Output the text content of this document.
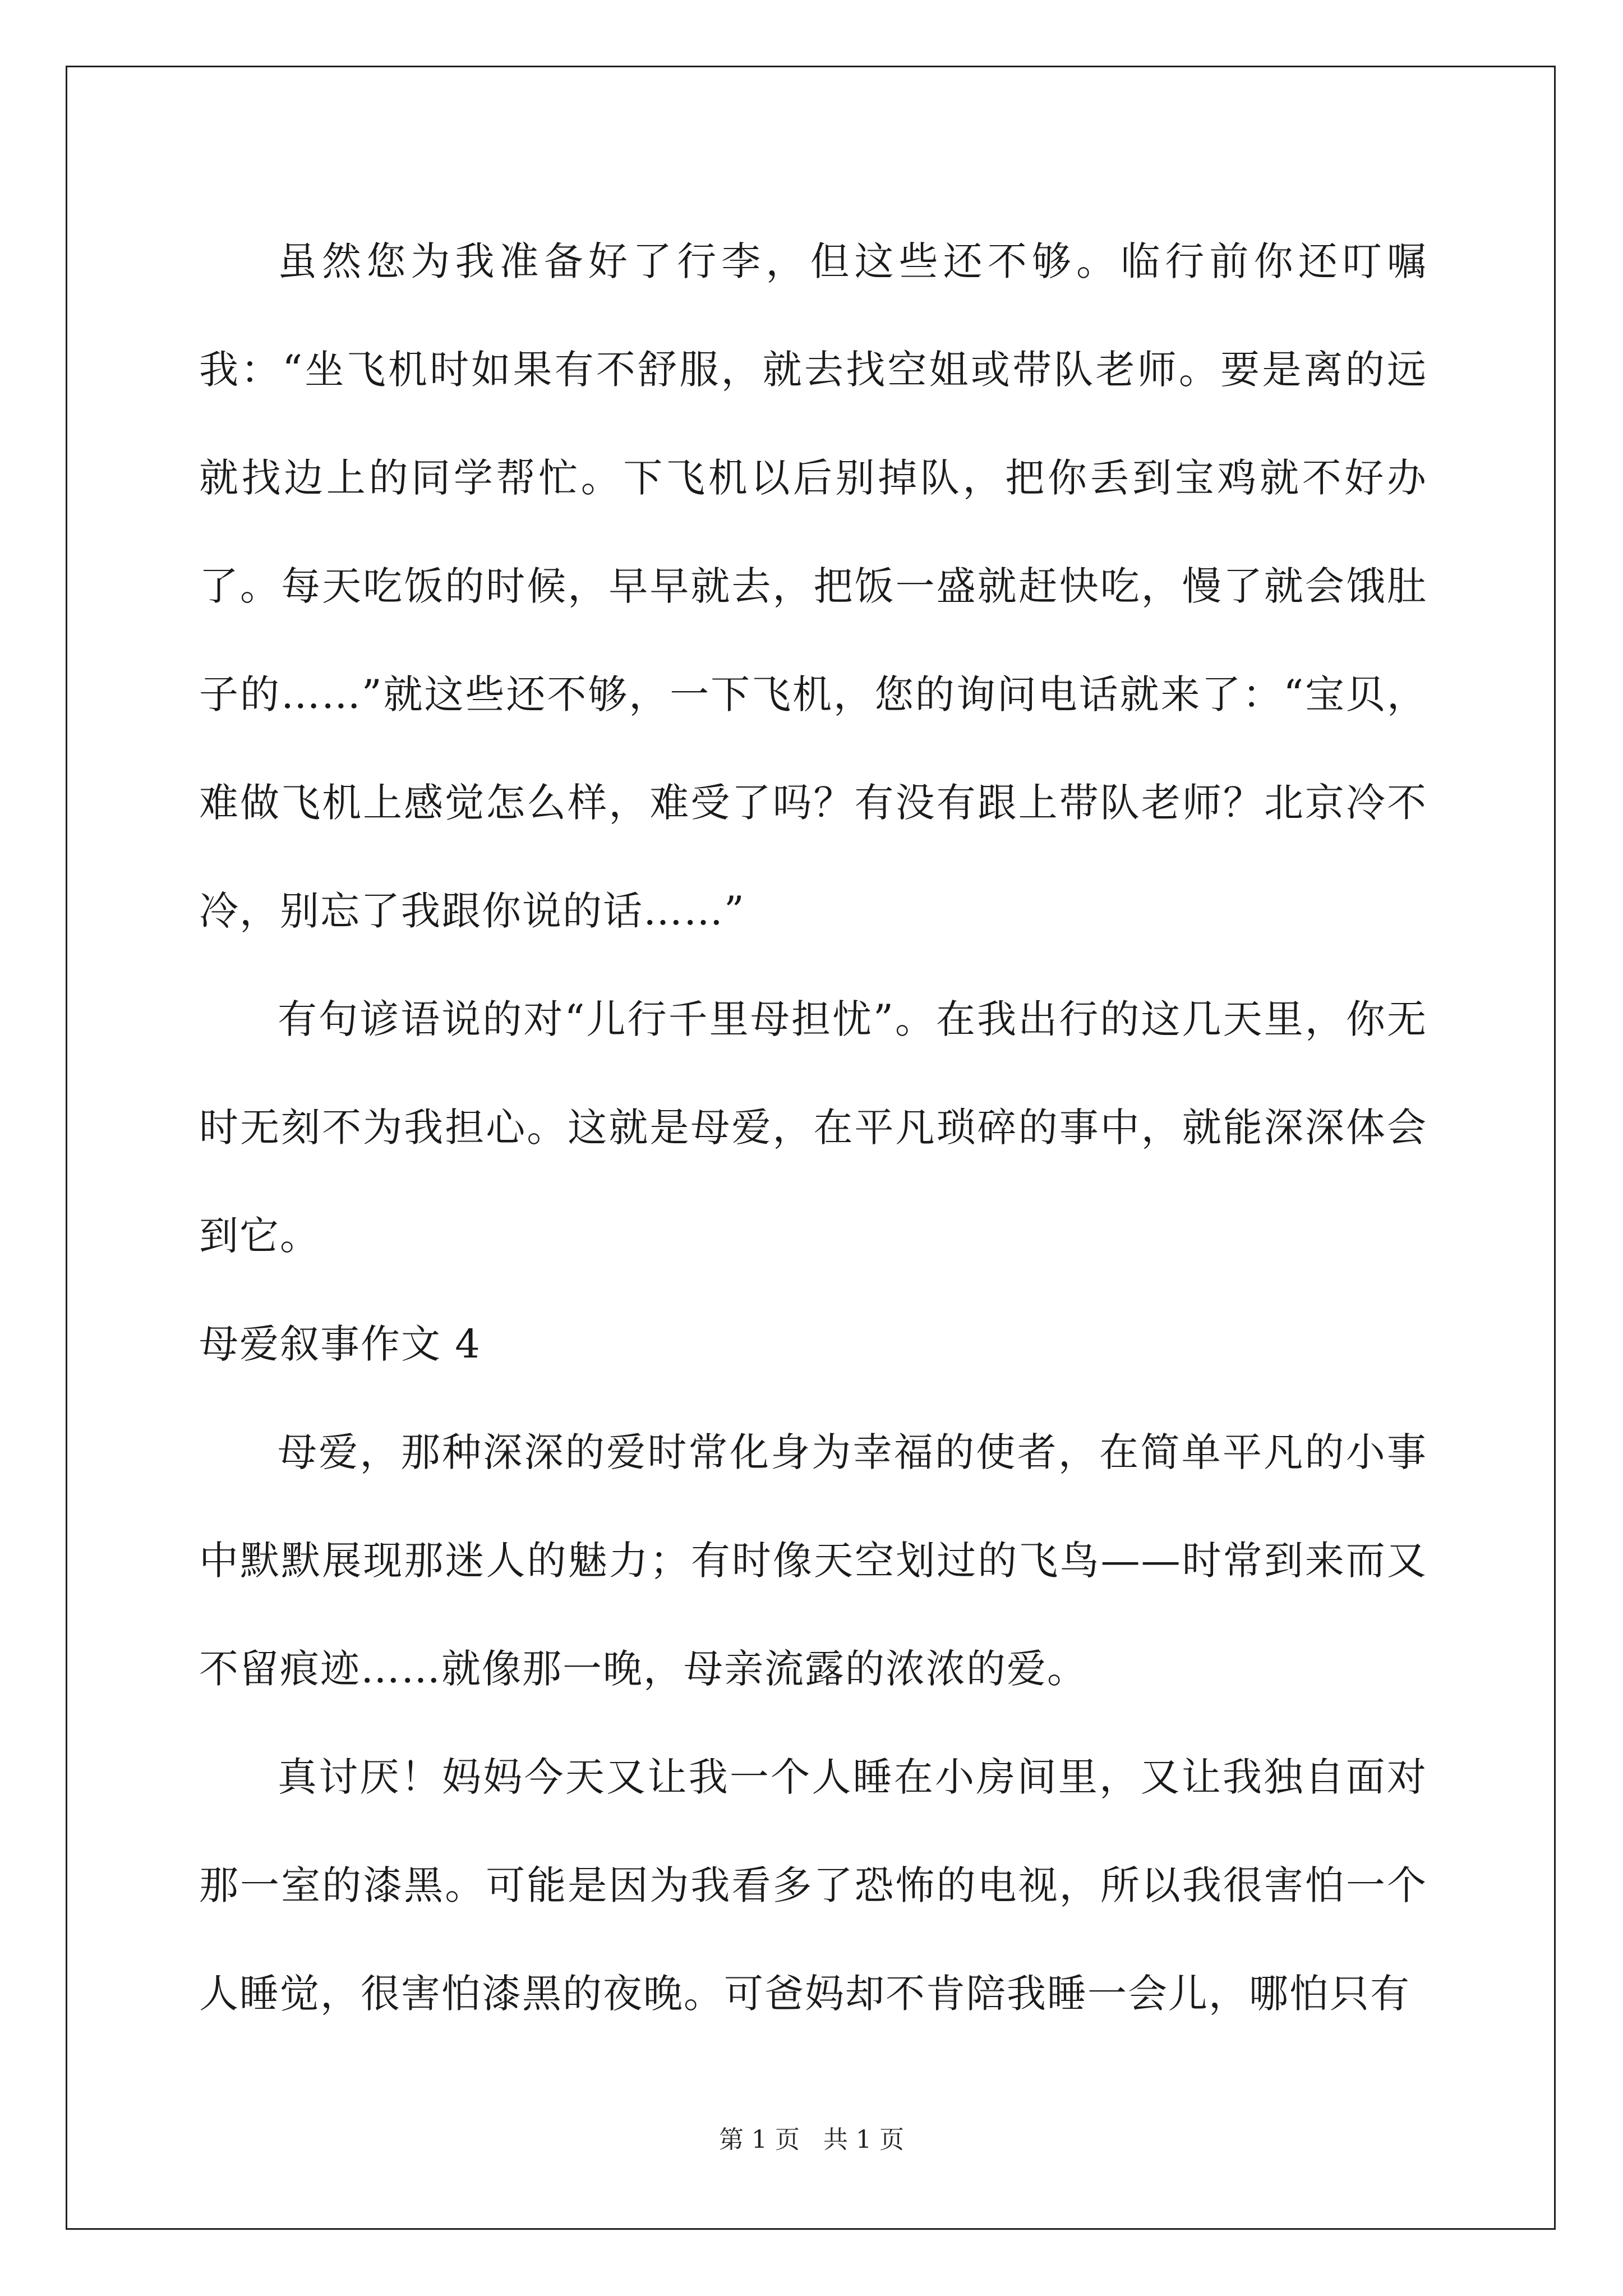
虽然您为我准备好了行李，但这些还不够。临行前你还叮嘱我：“坐飞机时如果有不舒服，就去找空姐或带队老师。要是离的远就找边上的同学帮忙。下飞机以后别掉队，把你丢到宝鸡就不好办了。每天吃饭的时候，早早就去，把饭一盛就赶快吃，慢了就会饿肚子的……”就这些还不够，一下飞机，您的询问电话就来了：“宝贝，难做飞机上感觉怎么样，难受了吗？有没有跟上带队老师？北京冷不冷，别忘了我跟你说的话……”

有句谚语说的对“儿行千里母担忧”。在我出行的这几天里，你无时无刻不为我担心。这就是母爱，在平凡琐碎的事中，就能深深体会到它。

母爱叙事作文 4

母爱，那种深深的爱时常化身为幸福的使者，在简单平凡的小事中默默展现那迷人的魅力；有时像天空划过的飞鸟——时常到来而又不留痕迹……就像那一晚，母亲流露的浓浓的爱。

真讨厌！妈妈今天又让我一个人睡在小房间里，又让我独自面对那一室的漆黑。可能是因为我看多了恐怖的电视，所以我很害怕一个人睡觉，很害怕漆黑的夜晚。可爸妈却不肯陪我睡一会儿，哪怕只有

第 1 页 共 1 页
